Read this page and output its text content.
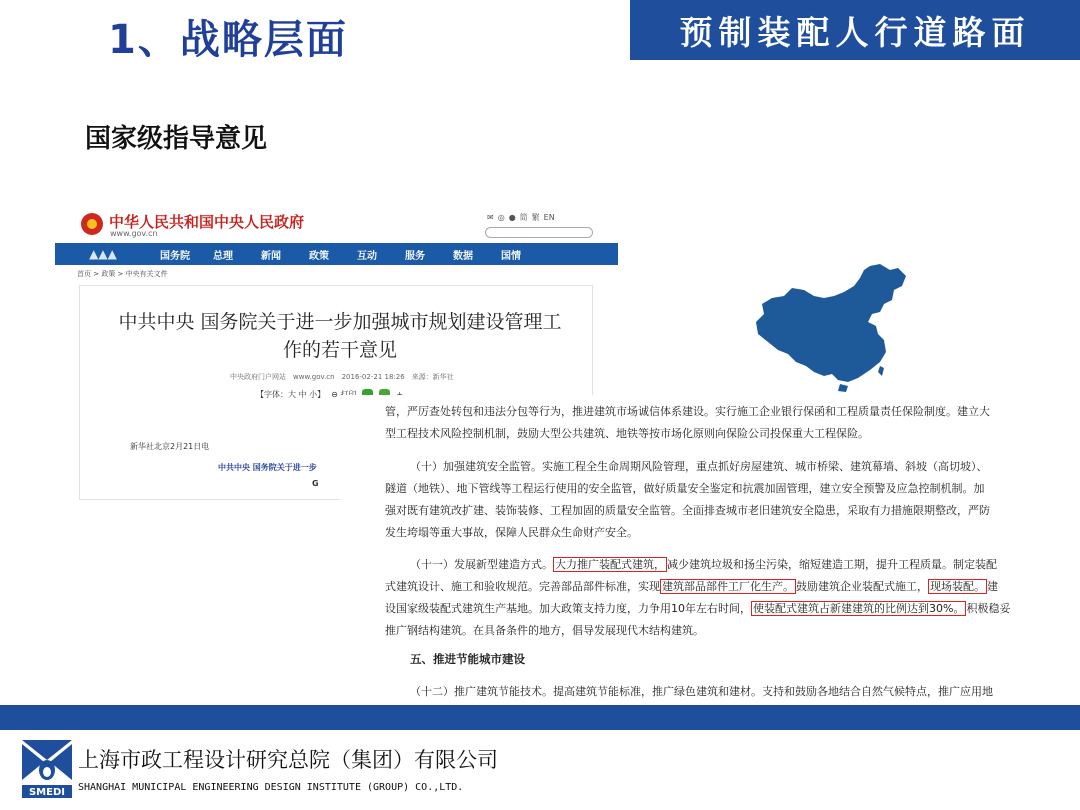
1、战略层面	预制装配人行道路面
国家级指导意见
中华人民共和国中央人民政府
www.gov.cn
✉ ◎ ● 简 繁 EN
▲▲▲	国务院	总理	新闻	政策	互动	服务	数据	国情
首页 > 政策 > 中央有关文件
中共中央 国务院关于进一步加强城市规划建设管理工
作的若干意见
中央政府门户网站　www.gov.cn　2016-02-21 18:26　来源：新华社
【字体：大 中 小】 ⊖
新华社北京2月21日电
中共中央 国务院关于进一步
G
管，严厉查处转包和违法分包等行为，推进建筑市场诚信体系建设。实行施工企业银行保函和工程质量责任保险制度。建立大
型工程技术风险控制机制，鼓励大型公共建筑、地铁等按市场化原则向保险公司投保重大工程保险。
（十）加强建筑安全监管。实施工程全生命周期风险管理，重点抓好房屋建筑、城市桥梁、建筑幕墙、斜坡（高切坡）、
隧道（地铁）、地下管线等工程运行使用的安全监管，做好质量安全鉴定和抗震加固管理，建立安全预警及应急控制机制。加
强对既有建筑改扩建、装饰装修、工程加固的质量安全监管。全面排查城市老旧建筑安全隐患，采取有力措施限期整改，严防
发生垮塌等重大事故，保障人民群众生命财产安全。
（十一）发展新型建造方式。 大力推广装配式建筑， 减少建筑垃圾和扬尘污染，缩短建造工期，提升工程质量。制定装配
式建筑设计、施工和验收规范。完善部品部件标准，实现 建筑部品部件工厂化生产。 鼓励建筑企业装配式施工， 现场装配。 建
设国家级装配式建筑生产基地。加大政策支持力度，力争用10年左右时间， 使装配式建筑占新建建筑的比例达到30%。 积极稳妥
推广钢结构建筑。在具备条件的地方，倡导发展现代木结构建筑。
五、推进节能城市建设
（十二）推广建筑节能技术。提高建筑节能标准，推广绿色建筑和建材。支持和鼓励各地结合自然气候特点，推广应用地
SMEDI
上海市政工程设计研究总院（集团）有限公司
SHANGHAI MUNICIPAL ENGINEERING DESIGN INSTITUTE (GROUP) CO.,LTD.
